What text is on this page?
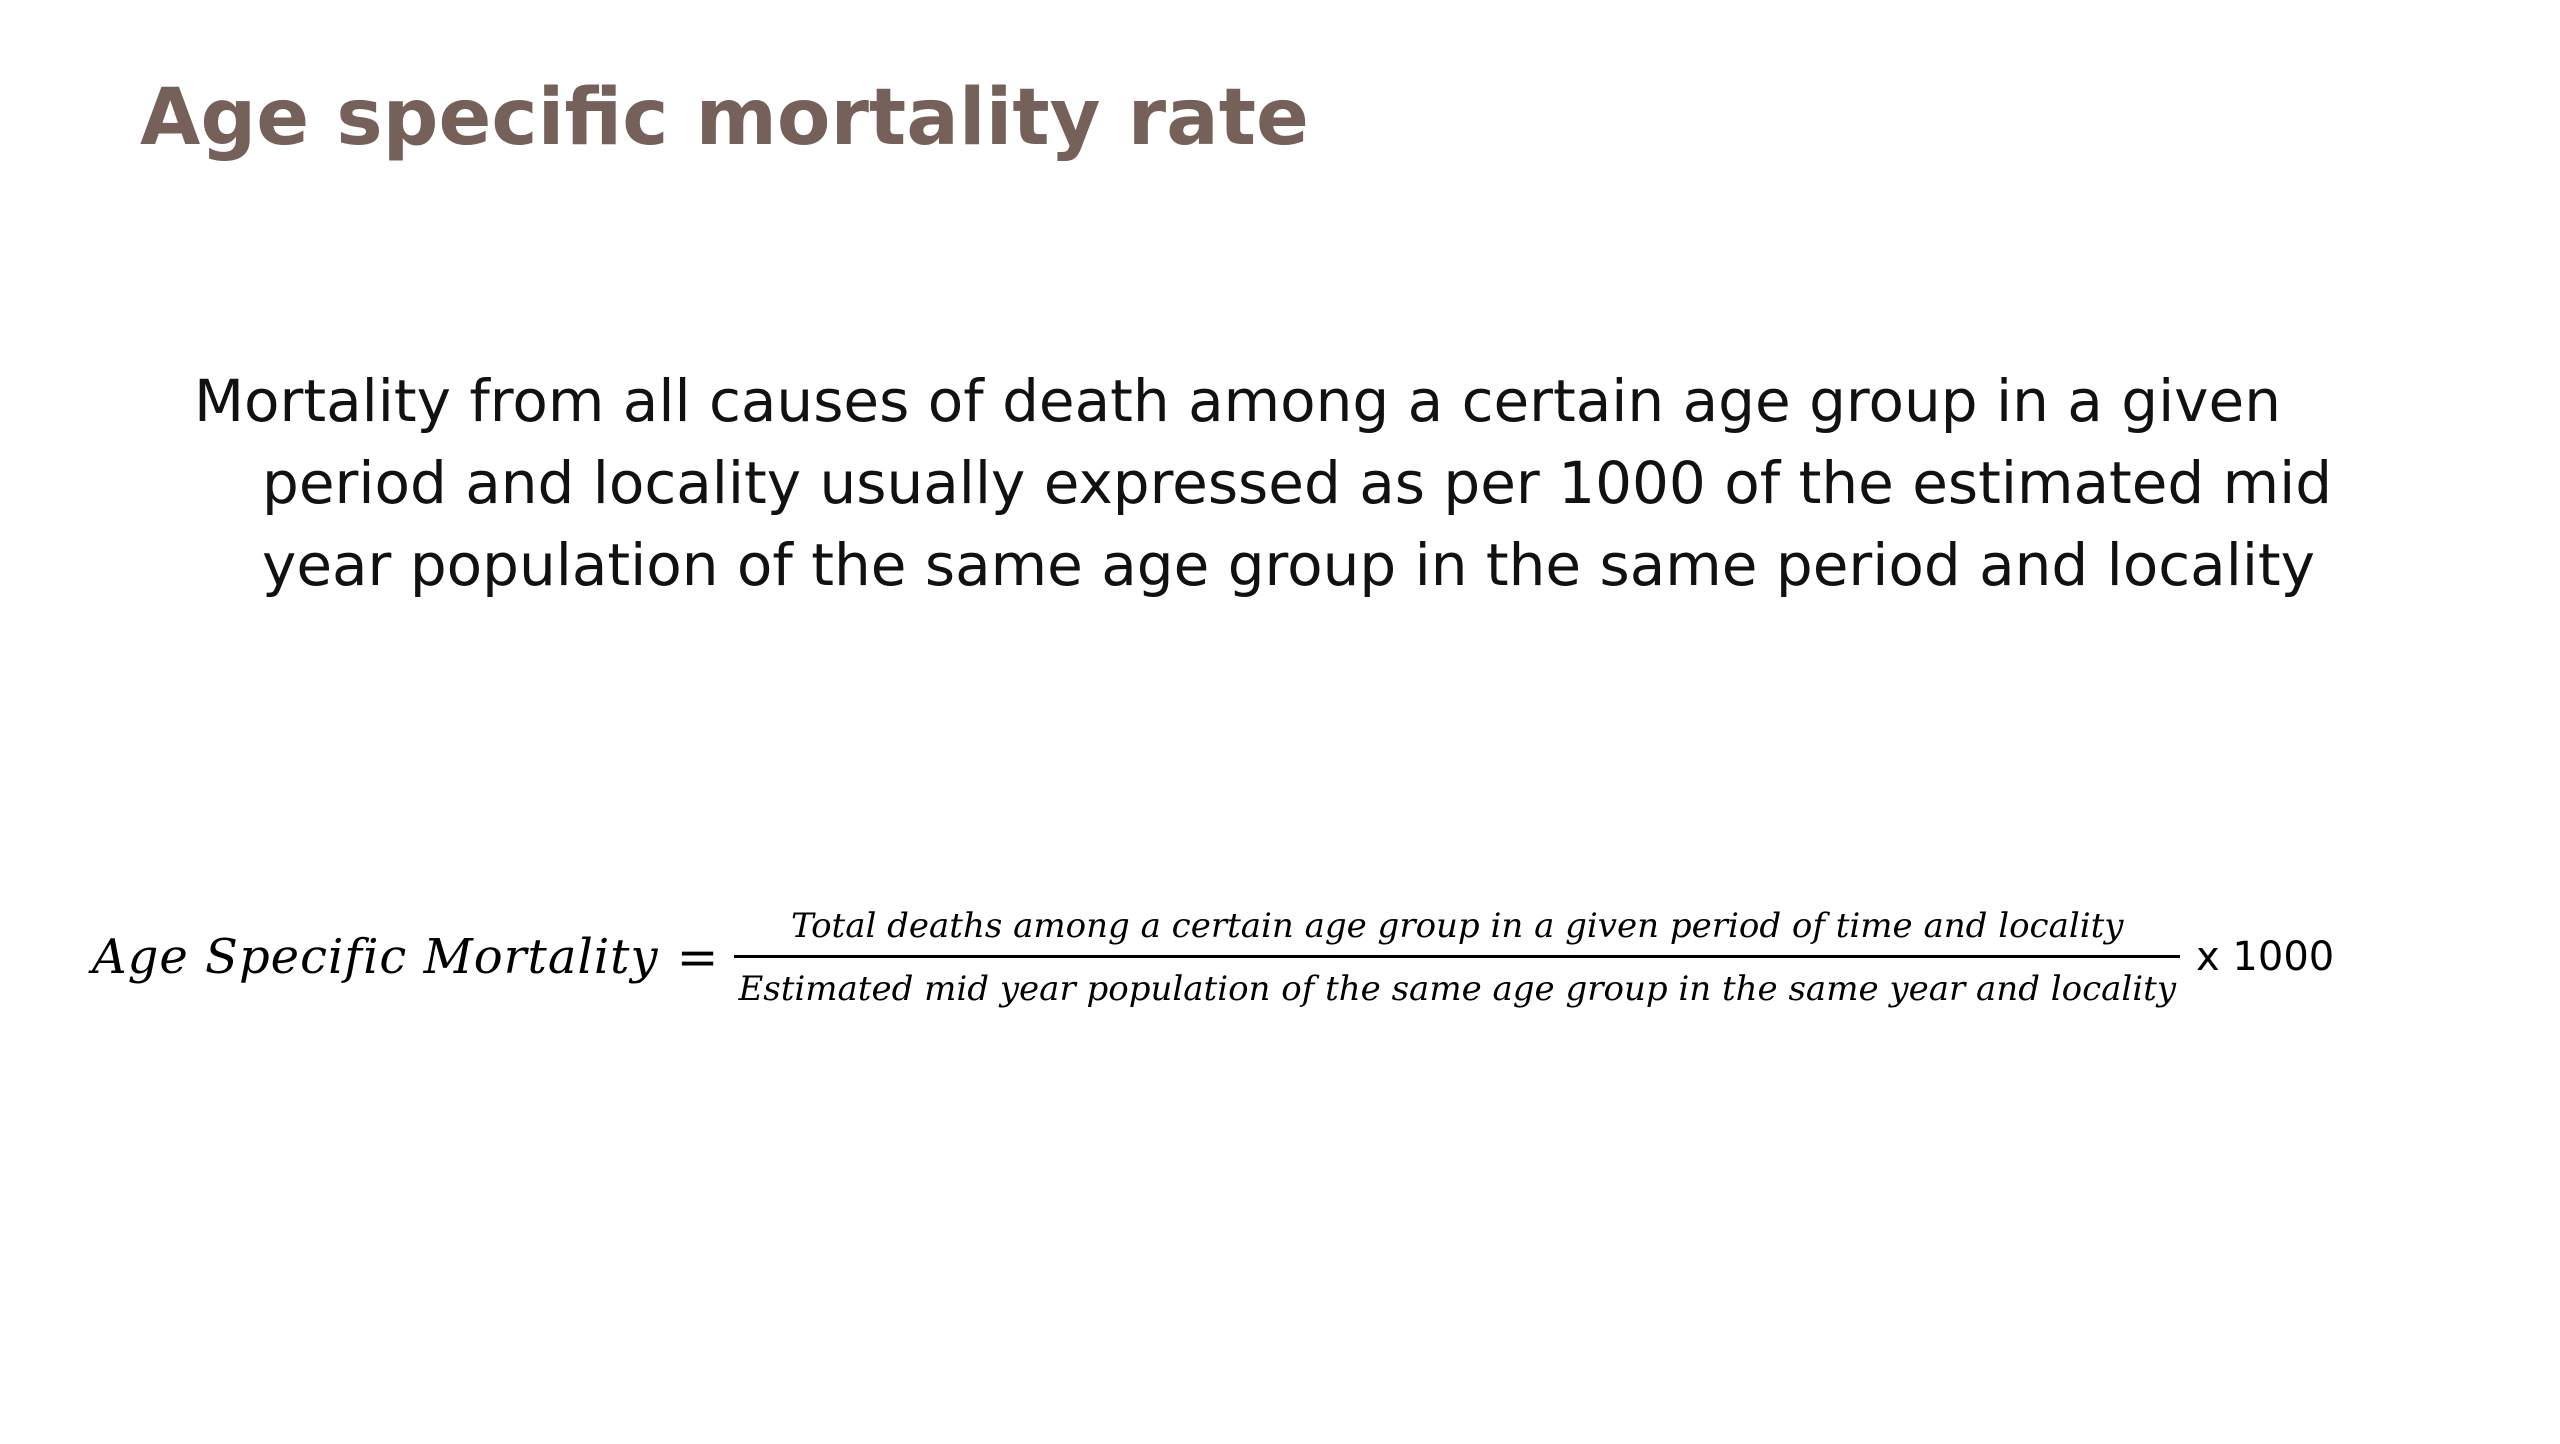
Age specific mortality rate

Mortality from all causes of death among a certain age group in a given period and locality usually expressed as per 1000 of the estimated mid year population of the same age group in the same period and locality

Age Specific Mortality =
Total deaths among a certain age group in a given period of time and locality
Estimated mid year population of the same age group in the same year and locality
x 1000
